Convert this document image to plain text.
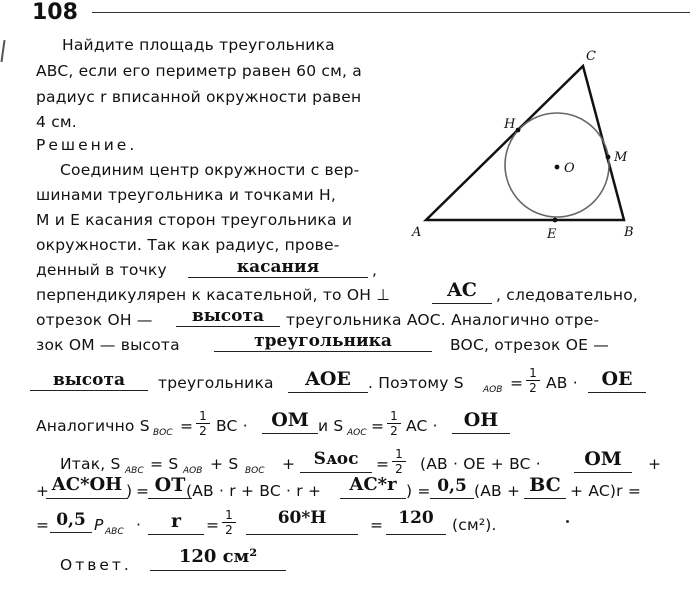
108
Найдите площадь треугольника
ABC, если его периметр равен 60 см, а
радиус r вписанной окружности равен
4 см.
Решение.
Соединим центр окружности с вер-
шинами треугольника и точками H,
M и E касания сторон треугольника и
окружности. Так как радиус, прове-
денный в точку	касания	,
перпендикулярен к касательной, то OH ⊥	AC	, следовательно,
отрезок OH —	высота	треугольника AOC. Аналогично отре-
зок OM — высота	треугольника	BOC, отрезок OE —
высота	треугольника	AOE	. Поэтому S AOB = $\frac{1}{2}$ AB ·	OE
Аналогично S BOC = $\frac{1}{2}$ BC ·	OM и S AOC = $\frac{1}{2}$ AC ·	OH
Итак, S ABC = S AOB + S BOC +	Sᴀᴏᴄ	= $\frac{1}{2} (AB$ · OE + BC ·	OM	+
+ AC*OH ) = OT (AB · r + BC · r +	AC*r ) = 0,5 (AB + BC + AC)r =
= 0,5 P ABC ·	r	= $\frac{1}{2}$	60*H	= 120	(см²).
Ответ.	120 см²
A	B
C
H
M
E
O
